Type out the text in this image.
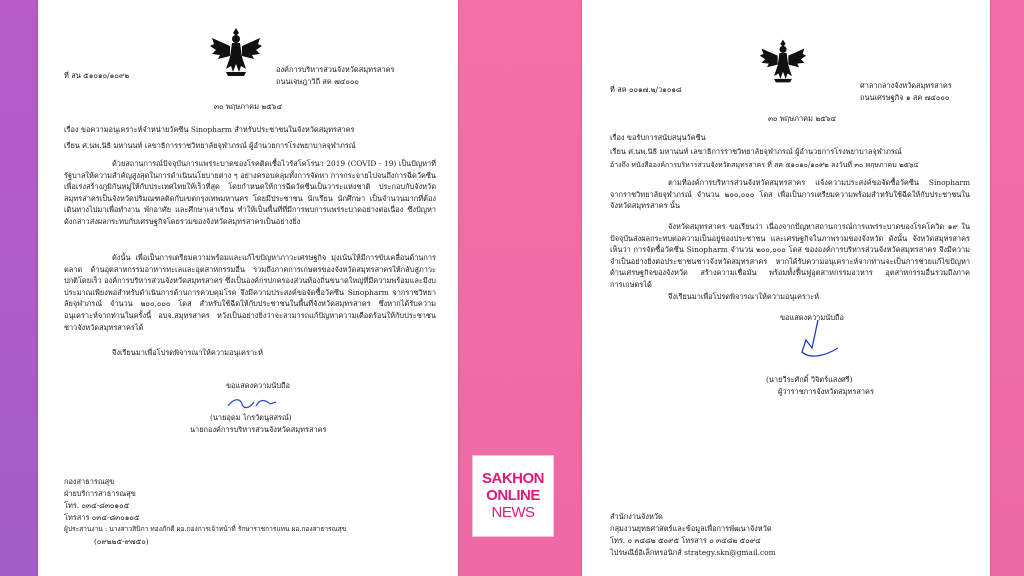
ที่ สน ๕๑๐๑๐/๑๐๙๒
องค์การบริหารส่วนจังหวัดสมุทรสาคร
ถนนเจษฎาวิถี สค ๗๔๐๐๐
๓๐ พฤษภาคม ๒๕๖๔
เรื่อง ขอความอนุเคราะห์จำหน่ายวัคซีน Sinopharm สำหรับประชาชนในจังหวัดสมุทรสาคร
เรียน ศ.นพ.นิธิ มหานนท์ เลขาธิการราชวิทยาลัยจุฬาภรณ์ ผู้อำนวยการโรงพยาบาลจุฬาภรณ์
ด้วยสถานการณ์ปัจจุบันการแพร่ระบาดของโรคติดเชื้อไวรัสโคโรนา 2019 (COVID - 19) เป็นปัญหาที่รัฐบาลให้ความสำคัญสูงสุดในการดำเนินนโยบายต่าง ๆ อย่างครอบคลุมทั้งการจัดหา การกระจายไปจนถึงการฉีดวัคซีน เพื่อเร่งสร้างภูมิกันหมู่ให้กับประเทศไทยให้เร็วที่สุด โดยกำหนดให้การฉีดวัคซีนเป็นวาระแห่งชาติ ประกอบกับจังหวัดสมุทรสาครเป็นจังหวัดปริมณฑลติดกับเขตกรุงเทพมหานคร โดยมีประชาชน นักเรียน นักศึกษา เป็นจำนวนมากที่ต้องเดินทางไปมาเพื่อทำงาน พักอาศัย และศึกษาเล่าเรียน ทำให้เป็นพื้นที่ที่มีการพบการแพร่ระบาดอย่างต่อเนื่อง ซึ่งปัญหาดังกล่าวส่งผลกระทบกับเศรษฐกิจโดยรวมของจังหวัดสมุทรสาครเป็นอย่างยิ่ง
ดังนั้น เพื่อเป็นการเตรียมความพร้อมและแก้ไขปัญหาภาวะเศรษฐกิจ มุ่งเน้นให้มีการขับเคลื่อนด้านการตลาด ด้านอุตสาหกรรมอาหารทะเลและอุตสาหกรรมอื่น รวมถึงภาคการเกษตรของจังหวัดสมุทรสาครให้กลับสู่ภาวะปกติโดยเร็ว องค์การบริหารส่วนจังหวัดสมุทรสาคร ซึ่งเป็นองค์กรปกครองส่วนท้องถิ่นขนาดใหญ่ที่มีความพร้อมและมีงบประมาณเพียงพอสำหรับดำเนินการด้านการควบคุมโรค จึงมีความประสงค์ขอจัดซื้อวัคซีน Sinopharm จากราชวิทยาลัยจุฬาภรณ์ จำนวน ๒๐๐,๐๐๐ โดส สำหรับใช้ฉีดให้กับประชาชนในพื้นที่จังหวัดสมุทรสาคร ซึ่งหากได้รับความอนุเคราะห์จากท่านในครั้งนี้ อบจ.สมุทรสาคร หวังเป็นอย่างยิ่งว่าจะสามารถแก้ปัญหาความเดือดร้อนให้กับประชาชนชาวจังหวัดสมุทรสาครได้
จึงเรียนมาเพื่อโปรดพิจารณาให้ความอนุเคราะห์
ขอแสดงความนับถือ
(นายอุดม ไกรวัตนุสสรณ์)
นายกองค์การบริหารส่วนจังหวัดสมุทรสาคร
กองสาธารณสุข
ฝ่ายบริการสาธารณสุข
โทร. ๐๓๔-๘๓๐๑๐๕
โทรสาร ๐๓๔-๘๓๐๑๐๕
ผู้ประสานงาน : นางสาวสิบิภา ทองภักดี ผอ.กองการเจ้าหน้าที่ รักษาราชการแทน ผอ.กองสาธารณสุข
(๐๙๒๒๕-๙๗๕๐)
ที่ สค ๐๐๑๗.๒/ว๑๐๑๘	ศาลากลางจังหวัดสมุทรสาคร
ถนนเศรษฐกิจ ๑ สค ๗๔๐๐๐
๓๐ พฤษภาคม ๒๕๖๔
เรื่อง ขอรับการสนับสนุนวัคซีน
เรียน ศ.นพ.นิธิ มหานนท์ เลขาธิการราชวิทยาลัยจุฬาภรณ์ ผู้อำนวยการโรงพยาบาลจุฬาภรณ์
อ้างถึง หนังสือองค์การบริหารส่วนจังหวัดสมุทรสาคร ที่ สค ๕๑๐๑๐/๑๐๙๒ ลงวันที่ ๓๐ พฤษภาคม ๒๕๖๔
ตามที่องค์การบริหารส่วนจังหวัดสมุทรสาคร แจ้งความประสงค์ขอจัดซื้อวัคซีน Sinopharm จากราชวิทยาลัยจุฬาภรณ์ จำนวน ๒๐๐,๐๐๐ โดส เพื่อเป็นการเตรียมความพร้อมสำหรับใช้ฉีดให้กับประชาชนในจังหวัดสมุทรสาคร นั้น
จังหวัดสมุทรสาคร ขอเรียนว่า เนื่องจากปัญหาสถานการณ์การแพร่ระบาดของโรคโควิด ๑๙ ในปัจจุบันส่งผลกระทบต่อความเป็นอยู่ของประชาชน และเศรษฐกิจในภาพรวมของจังหวัด ดังนั้น จังหวัดสมุทรสาครเห็นว่า การจัดซื้อวัคซีน Sinopharm จำนวน ๒๐๐,๐๐๐ โดส ขององค์การบริหารส่วนจังหวัดสมุทรสาคร จึงมีความจำเป็นอย่างยิ่งต่อประชาชนชาวจังหวัดสมุทรสาคร หากได้รับความอนุเคราะห์จากท่านจะเป็นการช่วยแก้ไขปัญหาด้านเศรษฐกิจของจังหวัด สร้างความเชื่อมั่น พร้อมทั้งฟื้นฟูอุตสาหกรรมอาหาร อุตสาหกรรมอื่นรวมถึงภาคการเกษตรได้
จึงเรียนมาเพื่อโปรดพิจารณาให้ความอนุเคราะห์
ขอแสดงความนับถือ
(นายวีระศักดิ์ วิจิตร์แสงศรี)
ผู้ว่าราชการจังหวัดสมุทรสาคร
สำนักงานจังหวัด
กลุ่มงานยุทธศาสตร์และข้อมูลเพื่อการพัฒนาจังหวัด
โทร. ๐ ๓๔๘๒ ๕๐๙๕ โทรสาร ๐ ๓๔๘๒ ๕๐๙๔
ไปรษณีย์อิเล็กทรอนิกส์ strategy.skn@gmail.com
SAKHON
ONLINE
NEWS
